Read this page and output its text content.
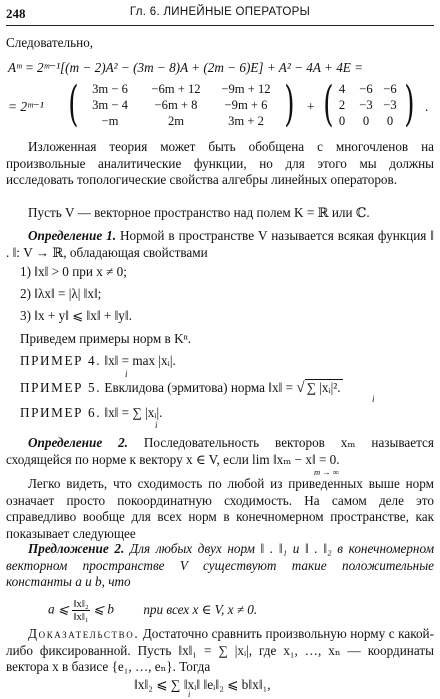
248	Гл. 6. ЛИНЕЙНЫЕ ОПЕРАТОРЫ
Следовательно,
Aᵐ = 2ᵐ⁻¹[(m − 2)A² − (3m − 8)A + (2m − 6)E] + A² − 4A + 4E =
= 2ᵐ⁻¹ (	)
3m − 6	−6m + 12	−9m + 12
3m − 4	−6m + 8	−9m + 6
−m	2m	3m + 2
+ ( )
4	−6 −6
2	−3 −3
0	0	0
.
Изложенная теория может быть обобщена с многочленов на произвольные аналитические функции, но для этого мы должны исследовать топологические свойства алгебры линейных операторов.
Пусть V — векторное пространство над полем K = ℝ или ℂ.
Определение 1. Нормой в пространстве V называется всякая функция ‖ . ‖: V → ℝ, обладающая свойствами
1) ‖x‖ > 0 при x ≠ 0;
2) ‖λx‖ = |λ| ‖x‖;
3) ‖x + y‖ ⩽ ‖x‖ + ‖y‖.
Приведем примеры норм в Kⁿ.
ПРИМЕР 4. ‖x‖ = max |xᵢ|.
i
ПРИМЕР 5. Евклидова (эрмитова) норма ‖x‖ = √ ∑ |xᵢ|².
i
ПРИМЕР 6. ‖x‖ = ∑ |xᵢ|.
i
Определение 2. Последовательность векторов xₘ называется сходящейся по норме к вектору x ∈ V, если lim ‖xₘ − x‖ = 0.
m → ∞
Легко видеть, что сходимость по любой из приведенных выше норм означает просто покоординатную сходимость. На самом деле это справедливо вообще для всех норм в конечномерном пространстве, как показывает следующее
Предложение 2. Для любых двух норм ‖ . ‖₁ и ‖ . ‖₂ в конечномерном векторном пространстве V существуют такие положительные константы a и b, что
a ⩽ $\frac{\text{‖x‖₂}}{\text{‖x‖₁}}$ ⩽ b при всех x ∈ V, x ≠ 0.
Доказательство. Достаточно сравнить произвольную норму с какой-либо фиксированной. Пусть ‖x‖₁ = ∑ |xᵢ|, где x₁, …, xₙ — координаты вектора x в базисе {e₁, …, eₙ}. Тогда
‖x‖₂ ⩽ ∑ ‖xᵢ‖ ‖eᵢ‖₂ ⩽ b‖x‖₁,
i
